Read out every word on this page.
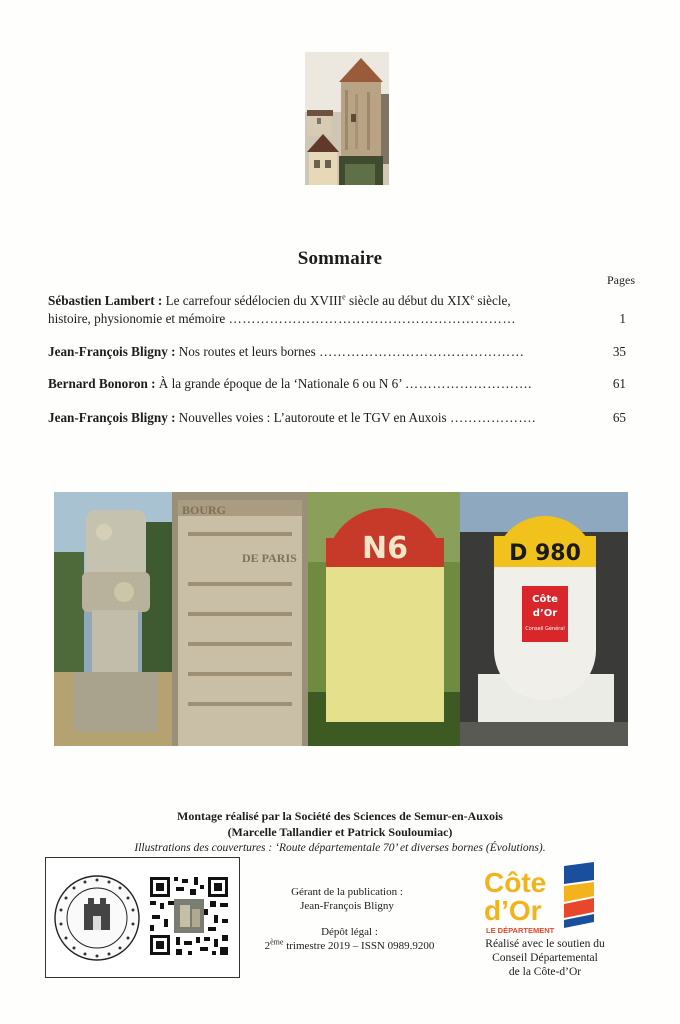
Sommaire
Pages
Sébastien Lambert : Le carrefour sédélocien du XVIIIe siècle au début du XIXe siècle,
histoire, physionomie et mémoire ………………………………………………………	1
Jean-François Bligny : Nos routes et leurs bornes ………………………………………	35
Bernard Bonoron : À la grande époque de la ‘Nationale 6 ou N 6’ ……………………….	61
Jean-François Bligny : Nouvelles voies : L’autoroute et le TGV en Auxois ……………….	65
BOURG
DE PARIS N6	D 980
Côte
d’Or
Conseil Général
Montage réalisé par la Société des Sciences de Semur-en-Auxois
(Marcelle Tallandier et Patrick Souloumiac)
Illustrations des couvertures : ‘Route départementale 70’ et diverses bornes (Évolutions).
Gérant de la publication :
Jean-François Bligny
Dépôt légal :
2ème trimestre 2019 – ISSN 0989.9200
Côte
d’Or
LE DÉPARTEMENT
Réalisé avec le soutien du
Conseil Départemental
de la Côte-d’Or
